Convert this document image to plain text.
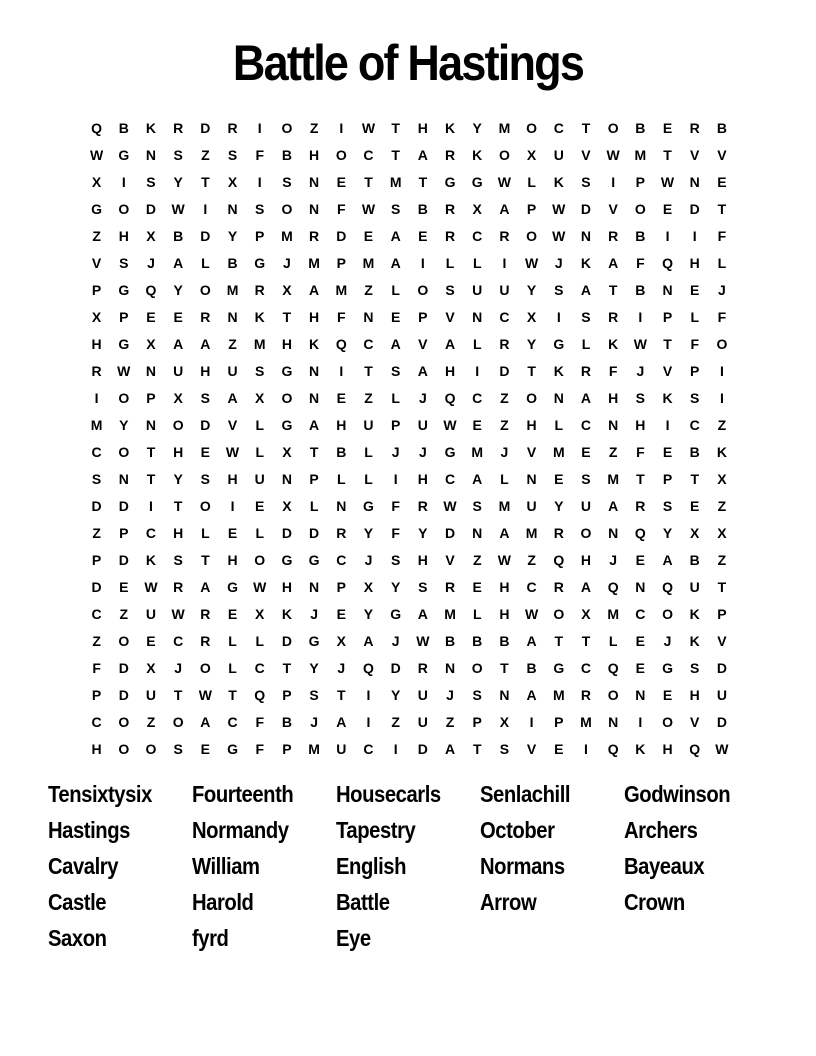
Battle of Hastings
Q	B	K	R	D	R	I	O	Z	I	W	T	H	K	Y	M	O	C	T	O	B	E	R	B
W	G	N	S	Z	S	F	B	H	O	C	T	A	R	K	O	X	U	V	W	M	T	V	V
X	I	S	Y	T	X	I	S	N	E	T	M	T	G	G	W	L	K	S	I	P	W	N	E
G	O	D	W	I	N	S	O	N	F	W	S	B	R	X	A	P	W	D	V	O	E	D	T
Z	H	X	B	D	Y	P	M	R	D	E	A	E	R	C	R	O	W	N	R	B	I	I	F
V	S	J	A	L	B	G	J	M	P	M	A	I	L	L	I	W	J	K	A	F	Q	H	L
P	G	Q	Y	O	M	R	X	A	M	Z	L	O	S	U	U	Y	S	A	T	B	N	E	J
X	P	E	E	R	N	K	T	H	F	N	E	P	V	N	C	X	I	S	R	I	P	L	F
H	G	X	A	A	Z	M	H	K	Q	C	A	V	A	L	R	Y	G	L	K	W	T	F	O
R	W	N	U	H	U	S	G	N	I	T	S	A	H	I	D	T	K	R	F	J	V	P	I
I	O	P	X	S	A	X	O	N	E	Z	L	J	Q	C	Z	O	N	A	H	S	K	S	I
M	Y	N	O	D	V	L	G	A	H	U	P	U	W	E	Z	H	L	C	N	H	I	C	Z
C	O	T	H	E	W	L	X	T	B	L	J	J	G	M	J	V	M	E	Z	F	E	B	K
S	N	T	Y	S	H	U	N	P	L	L	I	H	C	A	L	N	E	S	M	T	P	T	X
D	D	I	T	O	I	E	X	L	N	G	F	R	W	S	M	U	Y	U	A	R	S	E	Z
Z	P	C	H	L	E	L	D	D	R	Y	F	Y	D	N	A	M	R	O	N	Q	Y	X	X
P	D	K	S	T	H	O	G	G	C	J	S	H	V	Z	W	Z	Q	H	J	E	A	B	Z
D	E	W	R	A	G	W	H	N	P	X	Y	S	R	E	H	C	R	A	Q	N	Q	U	T
C	Z	U	W	R	E	X	K	J	E	Y	G	A	M	L	H	W	O	X	M	C	O	K	P
Z	O	E	C	R	L	L	D	G	X	A	J	W	B	B	B	A	T	T	L	E	J	K	V
F	D	X	J	O	L	C	T	Y	J	Q	D	R	N	O	T	B	G	C	Q	E	G	S	D
P	D	U	T	W	T	Q	P	S	T	I	Y	U	J	S	N	A	M	R	O	N	E	H	U
C	O	Z	O	A	C	F	B	J	A	I	Z	U	Z	P	X	I	P	M	N	I	O	V	D
H	O	O	S	E	G	F	P	M	U	C	I	D	A	T	S	V	E	I	Q	K	H	Q	W
Tensixtysix	Fourteenth	Housecarls	Senlachill	Godwinson
Hastings	Normandy	Tapestry	October	Archers
Cavalry	William	English	Normans	Bayeaux
Castle	Harold	Battle	Arrow	Crown
Saxon	fyrd	Eye
